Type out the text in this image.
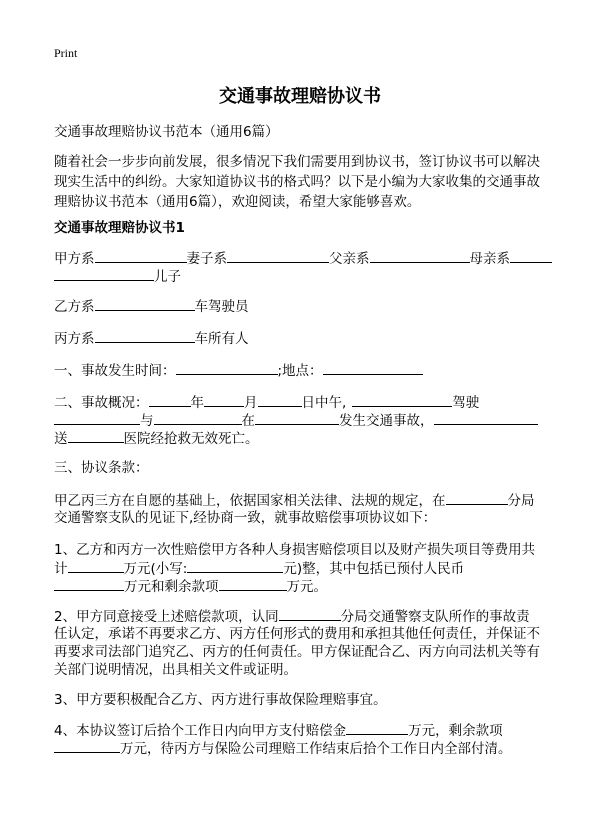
Print
交通事故理赔协议书
交通事故理赔协议书范本（通用6篇）
随着社会一步步向前发展，很多情况下我们需要用到协议书，签订协议书可以解决
现实生活中的纠纷。大家知道协议书的格式吗？以下是小编为大家收集的交通事故
理赔协议书范本（通用6篇），欢迎阅读，希望大家能够喜欢。
交通事故理赔协议书1
甲方系	妻子系	父亲系	母亲系
儿子
乙方系	车驾驶员
丙方系	车所有人
一、事故发生时间：	;地点：
二、事故概况：	年	月	日中午,	驾驶
与	在	发生交通事故，
送	医院经抢救无效死亡。
三、协议条款：
甲乙丙三方在自愿的基础上，依据国家相关法律、法规的规定，在	分局
交通警察支队的见证下,经协商一致，就事故赔偿事项协议如下：
1、乙方和丙方一次性赔偿甲方各种人身损害赔偿项目以及财产损失项目等费用共
计	万元(小写:	元)整，其中包括已预付人民币
万元和剩余款项	万元。
2、甲方同意接受上述赔偿款项，认同	分局交通警察支队所作的事故责
任认定，承诺不再要求乙方、丙方任何形式的费用和承担其他任何责任，并保证不
再要求司法部门追究乙、丙方的任何责任。甲方保证配合乙、丙方向司法机关等有
关部门说明情况，出具相关文件或证明。
3、甲方要积极配合乙方、丙方进行事故保险理赔事宜。
4、本协议签订后拾个工作日内向甲方支付赔偿金	万元，剩余款项
万元，待丙方与保险公司理赔工作结束后拾个工作日内全部付清。
